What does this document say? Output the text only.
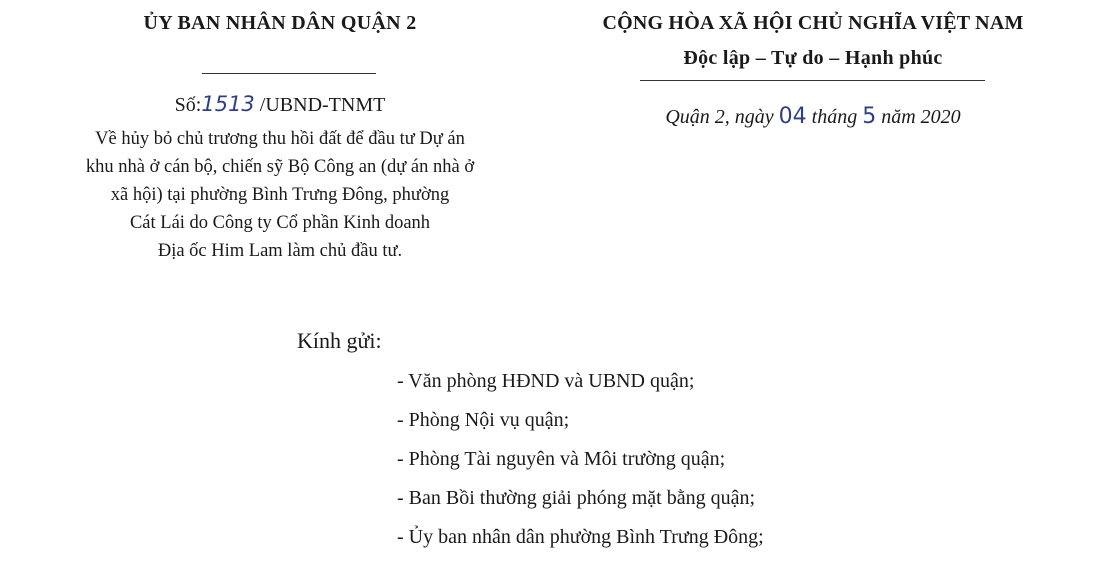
ỦY BAN NHÂN DÂN QUẬN 2	CỘNG HÒA XÃ HỘI CHỦ NGHĨA VIỆT NAM
Độc lập – Tự do – Hạnh phúc
Số:1513 /UBND-TNMT
Về hủy bỏ chủ trương thu hồi đất để đầu tư Dự án
khu nhà ở cán bộ, chiến sỹ Bộ Công an (dự án nhà ở
xã hội) tại phường Bình Trưng Đông, phường
Cát Lái do Công ty Cổ phần Kinh doanh
Địa ốc Him Lam làm chủ đầu tư.
Quận 2, ngày 04 tháng 5 năm 2020
Kính gửi:
- Văn phòng HĐND và UBND quận;
- Phòng Nội vụ quận;
- Phòng Tài nguyên và Môi trường quận;
- Ban Bồi thường giải phóng mặt bằng quận;
- Ủy ban nhân dân phường Bình Trưng Đông;
